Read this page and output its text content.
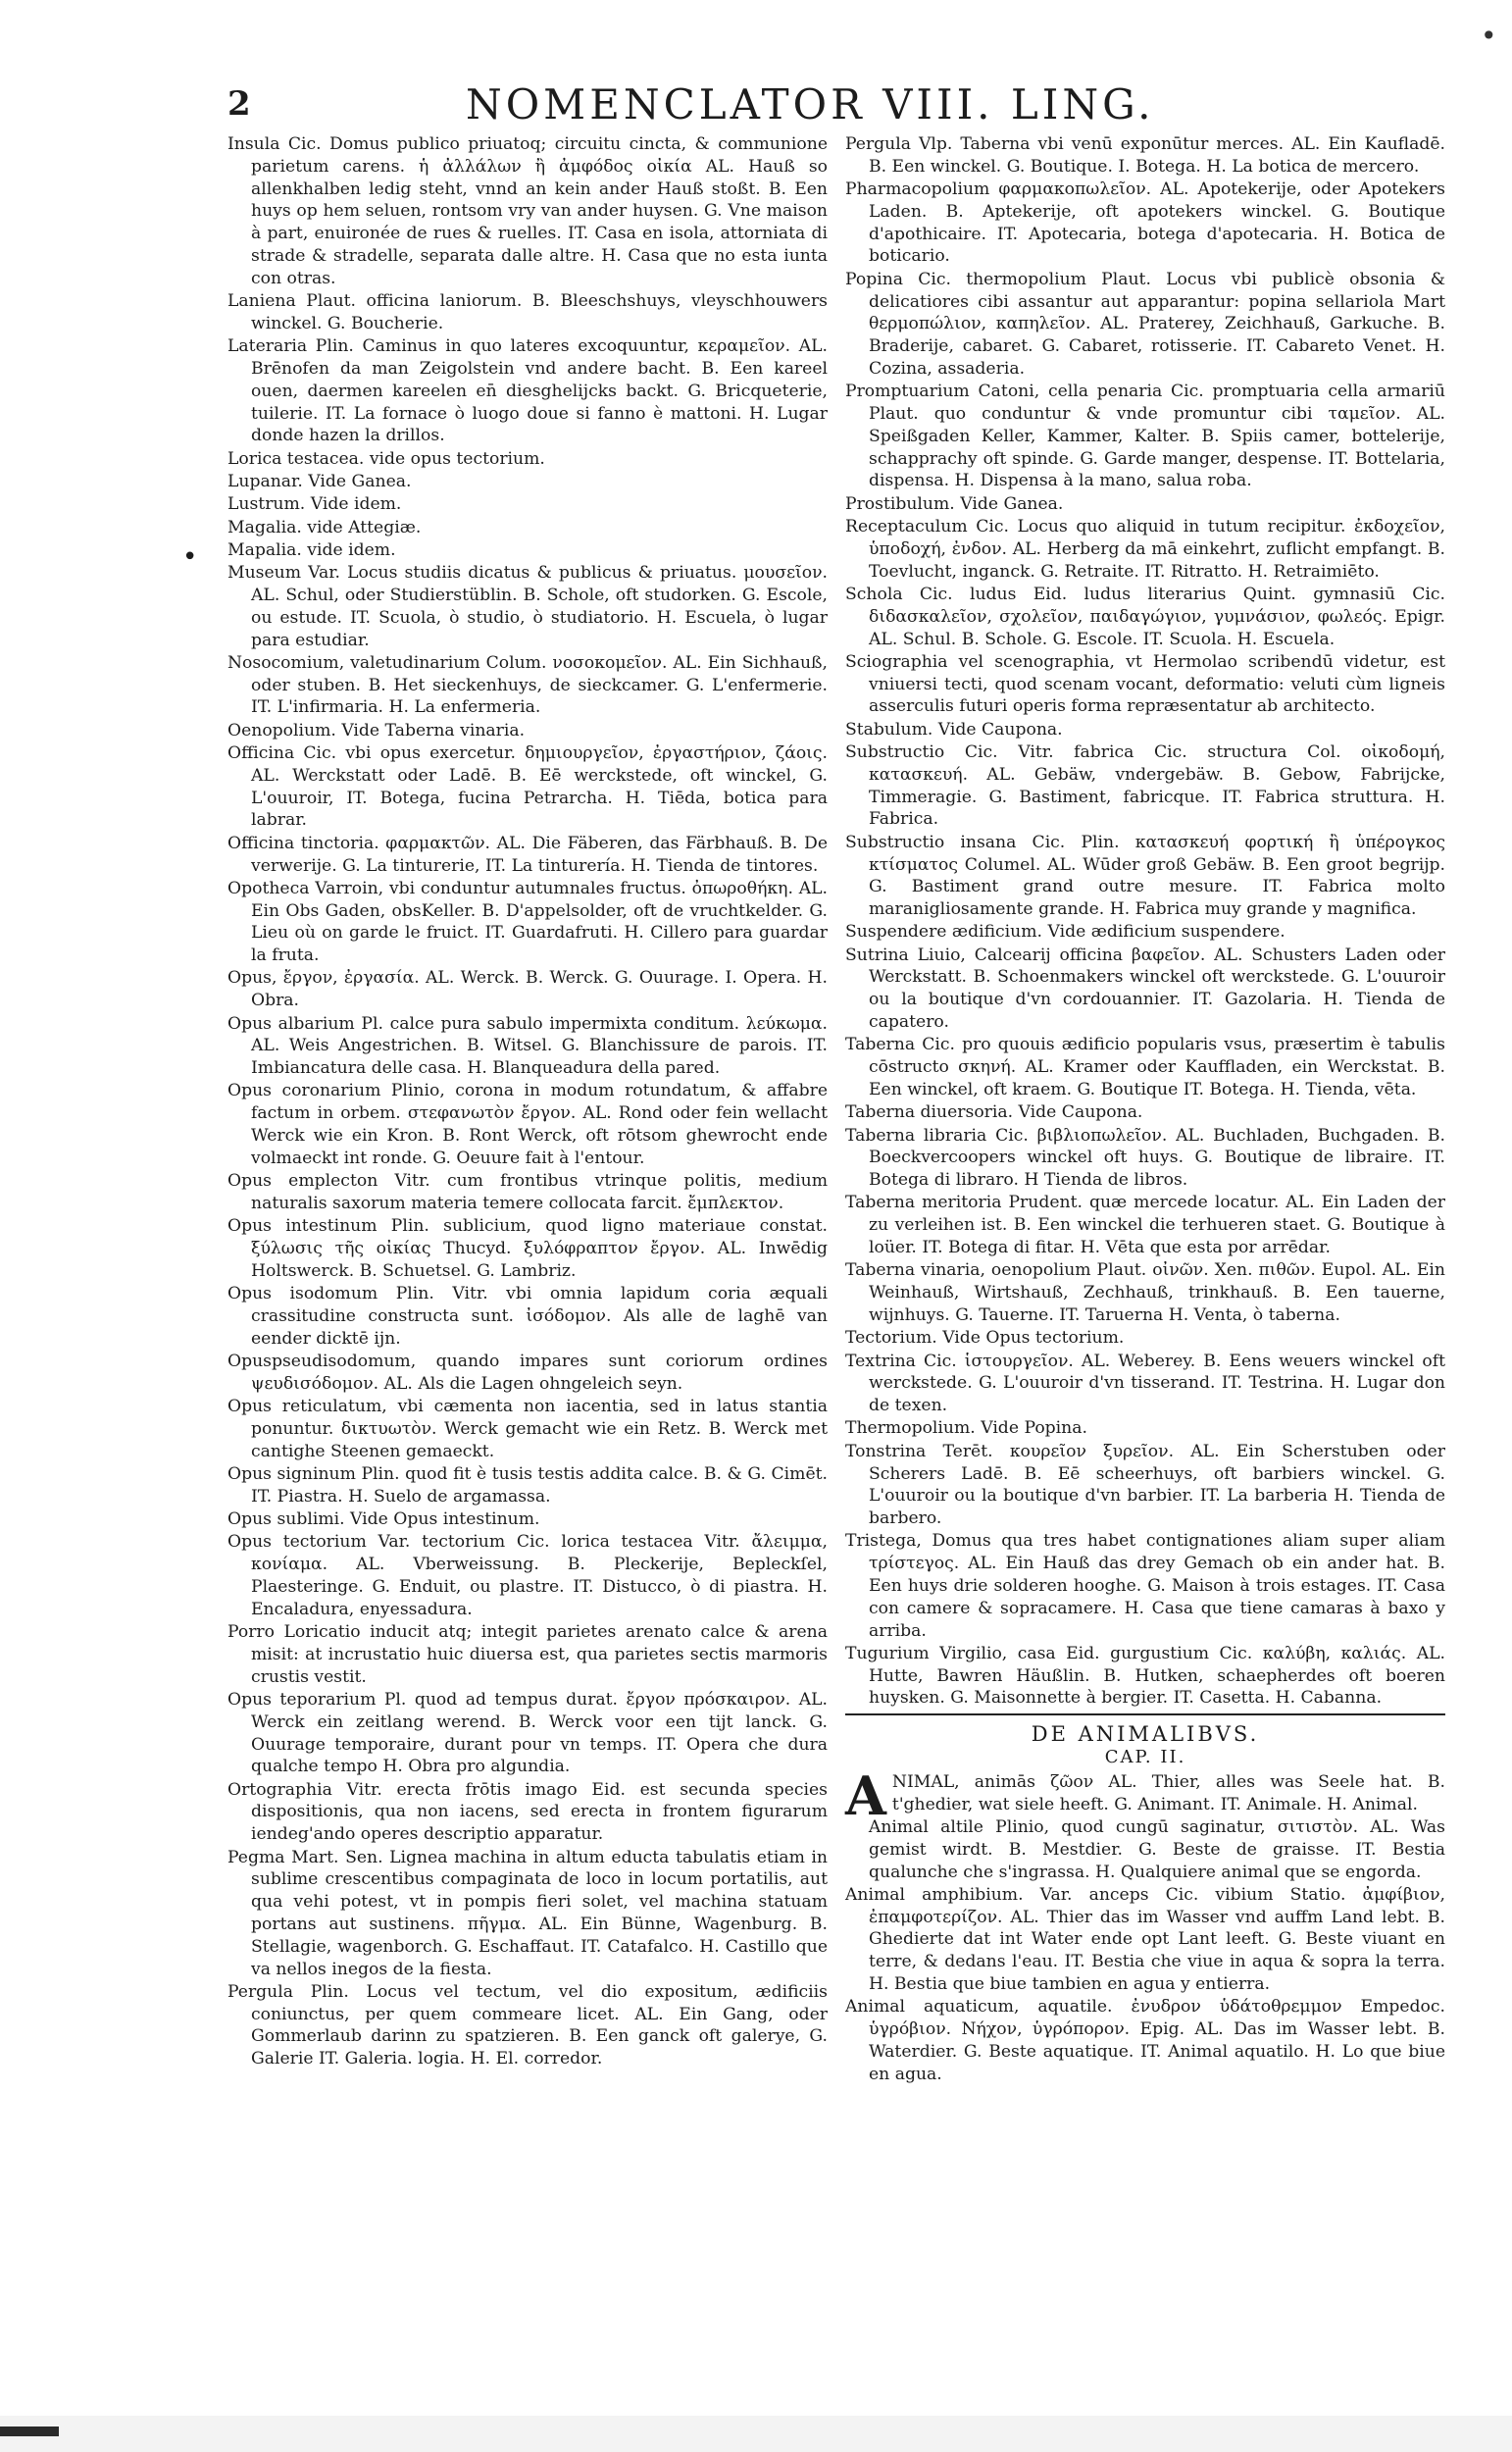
•
•
2	NOMENCLATOR VIII. LING.

Insula Cic. Domus publico priuatoq; circuitu cincta, & communione parietum carens. ἡ ἀλλάλων ἢ ἀμφόδος οἰκία AL. Hauß so allenkhalben ledig steht, vnnd an kein ander Hauß stoßt. B. Een huys op hem seluen, rontsom vry van ander huysen. G. Vne maison à part, enuironée de rues & ruelles. IT. Casa en isola, attorniata di strade & stradelle, separata dalle altre. H. Casa que no esta iunta con otras.

Laniena Plaut. officina laniorum. B. Bleeschshuys, vleyschhouwers winckel. G. Boucherie.

Lateraria Plin. Caminus in quo lateres excoquuntur, κεραμεῖον. AL. Brēnofen da man Zeigolstein vnd andere bacht. B. Een kareel ouen, daermen kareelen en̄ diesghelijcks backt. G. Bricqueterie, tuilerie. IT. La fornace ò luogo doue si fanno è mattoni. H. Lugar donde hazen la drillos.

Lorica testacea. vide opus tectorium.

Lupanar. Vide Ganea.

Lustrum. Vide idem.

Magalia. vide Attegiæ.

Mapalia. vide idem.

Museum Var. Locus studiis dicatus & publicus & priuatus. μουσεῖον. AL. Schul, oder Studierstüblin. B. Schole, oft studorken. G. Escole, ou estude. IT. Scuola, ò studio, ò studiatorio. H. Escuela, ò lugar para estudiar.

Nosocomium, valetudinarium Colum. νοσοκομεῖον. AL. Ein Sichhauß, oder stuben. B. Het sieckenhuys, de sieckcamer. G. L'enfermerie. IT. L'infirmaria. H. La enfermeria.

Oenopolium. Vide Taberna vinaria.

Officina Cic. vbi opus exercetur. δημιουργεῖον, ἐργαστήριον, ζάοις. AL. Werckstatt oder Ladē. B. Eē werckstede, oft winckel, G. L'ouuroir, IT. Botega, fucina Petrarcha. H. Tiēda, botica para labrar.

Officina tinctoria. φαρμακτῶν. AL. Die Fäberen, das Färbhauß. B. De verwerije. G. La tinturerie, IT. La tinturería. H. Tienda de tintores.

Opotheca Varroin, vbi conduntur autumnales fructus. ὀπωροθήκη. AL. Ein Obs Gaden, obsKeller. B. D'appelsolder, oft de vruchtkelder. G. Lieu où on garde le fruict. IT. Guardafruti. H. Cillero para guardar la fruta.

Opus, ἔργον, ἐργασία. AL. Werck. B. Werck. G. Ouurage. I. Opera. H. Obra.

Opus albarium Pl. calce pura sabulo impermixta conditum. λεύκωμα. AL. Weis Angestrichen. B. Witsel. G. Blanchissure de parois. IT. Imbiancatura delle casa. H. Blanqueadura della pared.

Opus coronarium Plinio, corona in modum rotundatum, & affabre factum in orbem. στεφανωτὸν ἔργον. AL. Rond oder fein wellacht Werck wie ein Kron. B. Ront Werck, oft rōtsom ghewrocht ende volmaeckt int ronde. G. Oeuure fait à l'entour.

Opus emplecton Vitr. cum frontibus vtrinque politis, medium naturalis saxorum materia temere collocata farcit. ἔμπλεκτον.

Opus intestinum Plin. sublicium, quod ligno materiaue constat. ξύλωσις τῆς οἰκίας Thucyd. ξυλόφραπτον ἔργον. AL. Inwēdig Holtswerck. B. Schuetsel. G. Lambriz.

Opus isodomum Plin. Vitr. vbi omnia lapidum coria æquali crassitudine constructa sunt. ἰσόδομον. Als alle de laghē van eender dicktē ijn.

Opuspseudisodomum, quando impares sunt coriorum ordines ψευδισόδομον. AL. Als die Lagen ohngeleich seyn.

Opus reticulatum, vbi cæmenta non iacentia, sed in latus stantia ponuntur. δικτυωτὸν. Werck gemacht wie ein Retz. B. Werck met cantighe Steenen gemaeckt.

Opus signinum Plin. quod fit è tusis testis addita calce. B. & G. Cimēt. IT. Piastra. H. Suelo de argamassa.

Opus sublimi. Vide Opus intestinum.

Opus tectorium Var. tectorium Cic. lorica testacea Vitr. ἄλειμμα, κονίαμα. AL. Vberweissung. B. Pleckerije, Bepleckſel, Plaesteringe. G. Enduit, ou plastre. IT. Distucco, ò di piastra. H. Encaladura, enyessadura.

Porro Loricatio inducit atq; integit parietes arenato calce & arena misit: at incrustatio huic diuersa est, qua parietes sectis marmoris crustis vestit.

Opus teporarium Pl. quod ad tempus durat. ἔργον πρόσκαιρον. AL. Werck ein zeitlang werend. B. Werck voor een tijt lanck. G. Ouurage temporaire, durant pour vn temps. IT. Opera che dura qualche tempo H. Obra pro algundia.

Ortographia Vitr. erecta frōtis imago Eid. est secunda species dispositionis, qua non iacens, sed erecta in frontem figurarum iendeg'ando operes descriptio apparatur.

Pegma Mart. Sen. Lignea machina in altum educta tabulatis etiam in sublime crescentibus compaginata de loco in locum portatilis, aut qua vehi potest, vt in pompis fieri solet, vel machina statuam portans aut sustinens. πῆγμα. AL. Ein Bünne, Wagenburg. B. Stellagie, wagenborch. G. Eschaffaut. IT. Catafalco. H. Castillo que va nellos inegos de la fiesta.

Pergula Plin. Locus vel tectum, vel dio expositum, ædificiis coniunctus, per quem commeare licet. AL. Ein Gang, oder Gommerlaub darinn zu spatzieren. B. Een ganck oft galerye, G. Galerie IT. Galeria. logia. H. El. corredor.

Pergula Vlp. Taberna vbi venū exponūtur merces. AL. Ein Kaufladē. B. Een winckel. G. Boutique. I. Botega. H. La botica de mercero.

Pharmacopolium φαρμακοπωλεῖον. AL. Apotekerije, oder Apotekers Laden. B. Aptekerije, oft apotekers winckel. G. Boutique d'apothicaire. IT. Apotecaria, botega d'apotecaria. H. Botica de boticario.

Popina Cic. thermopolium Plaut. Locus vbi publicè obsonia & delicatiores cibi assantur aut apparantur: popina sellariola Mart θερμοπώλιον, καπηλεῖον. AL. Praterey, Zeichhauß, Garkuche. B. Braderije, cabaret. G. Cabaret, rotisserie. IT. Cabareto Venet. H. Cozina, assaderia.

Promptuarium Catoni, cella penaria Cic. promptuaria cella armariū Plaut. quo conduntur & vnde promuntur cibi ταμεῖον. AL. Speißgaden Keller, Kammer, Kalter. B. Spiis camer, bottelerije, schapprachy oft spinde. G. Garde manger, despense. IT. Bottelaria, dispensa. H. Dispensa à la mano, salua roba.

Prostibulum. Vide Ganea.

Receptaculum Cic. Locus quo aliquid in tutum recipitur. ἐκδοχεῖον, ὑποδοχή, ἐνδον. AL. Herberg da mā einkehrt, zuflicht empfangt. B. Toevlucht, inganck. G. Retraite. IT. Ritratto. H. Retraimiēto.

Schola Cic. ludus Eid. ludus literarius Quint. gymnasiū Cic. διδασκαλεῖον, σχολεῖον, παιδαγώγιον, γυμνάσιον, φωλεός. Epigr. AL. Schul. B. Schole. G. Escole. IT. Scuola. H. Escuela.

Sciographia vel scenographia, vt Hermolao scribendū videtur, est vniuersi tecti, quod scenam vocant, deformatio: veluti cùm ligneis asserculis futuri operis forma repræsentatur ab architecto.

Stabulum. Vide Caupona.

Substructio Cic. Vitr. fabrica Cic. structura Col. οἰκοδομή, κατασκευή. AL. Gebäw, vndergebäw. B. Gebow, Fabrijcke, Timmeragie. G. Bastiment, fabricque. IT. Fabrica struttura. H. Fabrica.

Substructio insana Cic. Plin. κατασκευή φορτική ἢ ὑπέρογκος κτίσματος Columel. AL. Wūder groß Gebäw. B. Een groot begrijp. G. Bastiment grand outre mesure. IT. Fabrica molto maranigliosamente grande. H. Fabrica muy grande y magnifica.

Suspendere ædificium. Vide ædificium suspendere.

Sutrina Liuio, Calcearij officina βαφεῖον. AL. Schusters Laden oder Werckstatt. B. Schoenmakers winckel oft werckstede. G. L'ouuroir ou la boutique d'vn cordouannier. IT. Gazolaria. H. Tienda de capatero.

Taberna Cic. pro quouis ædificio popularis vsus, præsertim è tabulis cōstructo σκηνή. AL. Kramer oder Kauffladen, ein Werckstat. B. Een winckel, oft kraem. G. Boutique IT. Botega. H. Tienda, vēta.

Taberna diuersoria. Vide Caupona.

Taberna libraria Cic. βιβλιοπωλεῖον. AL. Buchladen, Buchgaden. B. Boeckvercoopers winckel oft huys. G. Boutique de libraire. IT. Botega di libraro. H Tienda de libros.

Taberna meritoria Prudent. quæ mercede locatur. AL. Ein Laden der zu verleihen ist. B. Een winckel die terhueren staet. G. Boutique à loüer. IT. Botega di fitar. H. Vēta que esta por arrēdar.

Taberna vinaria, oenopolium Plaut. οἰνῶν. Xen. πιθῶν. Eupol. AL. Ein Weinhauß, Wirtshauß, Zechhauß, trinkhauß. B. Een tauerne, wijnhuys. G. Tauerne. IT. Taruerna H. Venta, ò taberna.

Tectorium. Vide Opus tectorium.

Textrina Cic. ἱστουργεῖον. AL. Weberey. B. Eens weuers winckel oft werckstede. G. L'ouuroir d'vn tisserand. IT. Testrina. H. Lugar don de texen.

Thermopolium. Vide Popina.

Tonstrina Terēt. κουρεῖον ξυρεῖον. AL. Ein Scherstuben oder Scherers Ladē. B. Eē scheerhuys, oft barbiers winckel. G. L'ouuroir ou la boutique d'vn barbier. IT. La barberia H. Tienda de barbero.

Tristega, Domus qua tres habet contignationes aliam super aliam τρίστεγος. AL. Ein Hauß das drey Gemach ob ein ander hat. B. Een huys drie solderen hooghe. G. Maison à trois estages. IT. Casa con camere & sopracamere. H. Casa que tiene camaras à baxo y arriba.

Tugurium Virgilio, casa Eid. gurgustium Cic. καλύβη, καλιάς. AL. Hutte, Bawren Häußlin. B. Hutken, schaepherdes oft boeren huysken. G. Maisonnette à bergier. IT. Casetta. H. Cabanna.

DE ANIMALIBVS.
CAP. II.

ANIMAL, animās ζῶον AL. Thier, alles was Seele hat. B. t'ghedier, wat siele heeft. G. Animant. IT. Animale. H. Animal.

Animal altile Plinio, quod cungū saginatur, σιτιστὸν. AL. Was gemist wirdt. B. Mestdier. G. Beste de graisse. IT. Bestia qualunche che s'ingrassa. H. Qualquiere animal que se engorda.

Animal amphibium. Var. anceps Cic. vibium Statio. ἀμφίβιον, ἐπαμφοτερίζον. AL. Thier das im Wasser vnd auffm Land lebt. B. Ghedierte dat int Water ende opt Lant leeft. G. Beste viuant en terre, & dedans l'eau. IT. Bestia che viue in aqua & sopra la terra. H. Bestia que biue tambien en agua y entierra.

Animal aquaticum, aquatile. ἐνυδρον ὑδάτοθρεμμον Empedoc. ὑγρόβιον. Νήχον, ὑγρόπορον. Epig. AL. Das im Wasser lebt. B. Waterdier. G. Beste aquatique. IT. Animal aquatilo. H. Lo que biue en agua.
